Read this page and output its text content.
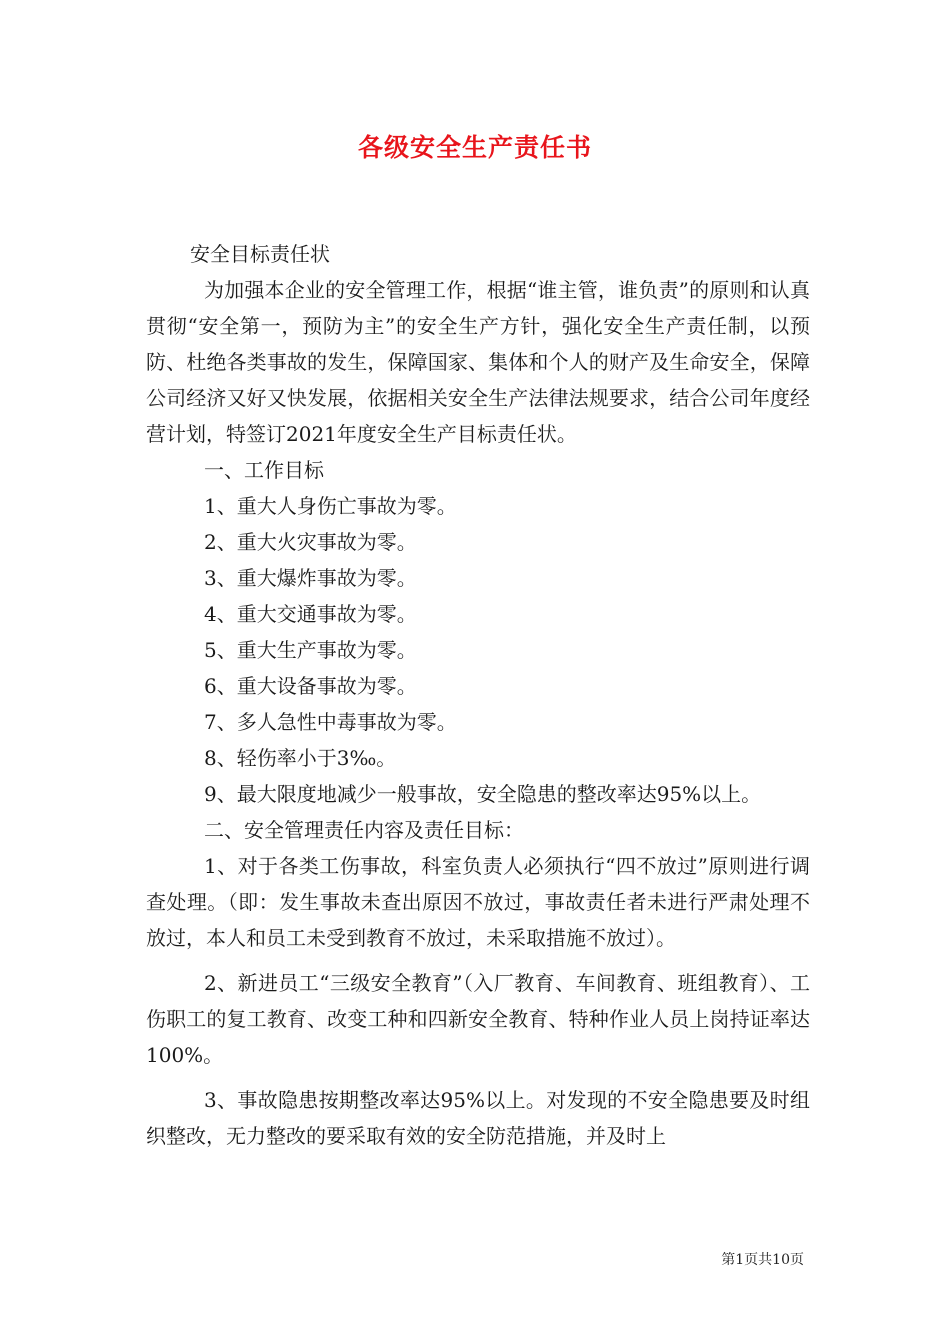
各级安全生产责任书

安全目标责任状

为加强本企业的安全管理工作，根据“谁主管，谁负责”的原则和认真贯彻“安全第一，预防为主”的安全生产方针，强化安全生产责任制，以预防、杜绝各类事故的发生，保障国家、集体和个人的财产及生命安全，保障公司经济又好又快发展，依据相关安全生产法律法规要求，结合公司年度经营计划，特签订2021年度安全生产目标责任状。

一、工作目标

1、重大人身伤亡事故为零。

2、重大火灾事故为零。

3、重大爆炸事故为零。

4、重大交通事故为零。

5、重大生产事故为零。

6、重大设备事故为零。

7、多人急性中毒事故为零。

8、轻伤率小于3‰。

9、最大限度地减少一般事故，安全隐患的整改率达95%以上。

二、安全管理责任内容及责任目标：

1、对于各类工伤事故，科室负责人必须执行“四不放过”原则进行调查处理。（即：发生事故未查出原因不放过，事故责任者未进行严肃处理不放过，本人和员工未受到教育不放过，未采取措施不放过）。

2、新进员工“三级安全教育”（入厂教育、车间教育、班组教育）、工伤职工的复工教育、改变工种和四新安全教育、特种作业人员上岗持证率达100%。

3、事故隐患按期整改率达95%以上。对发现的不安全隐患要及时组织整改，无力整改的要采取有效的安全防范措施，并及时上

第1页共10页
